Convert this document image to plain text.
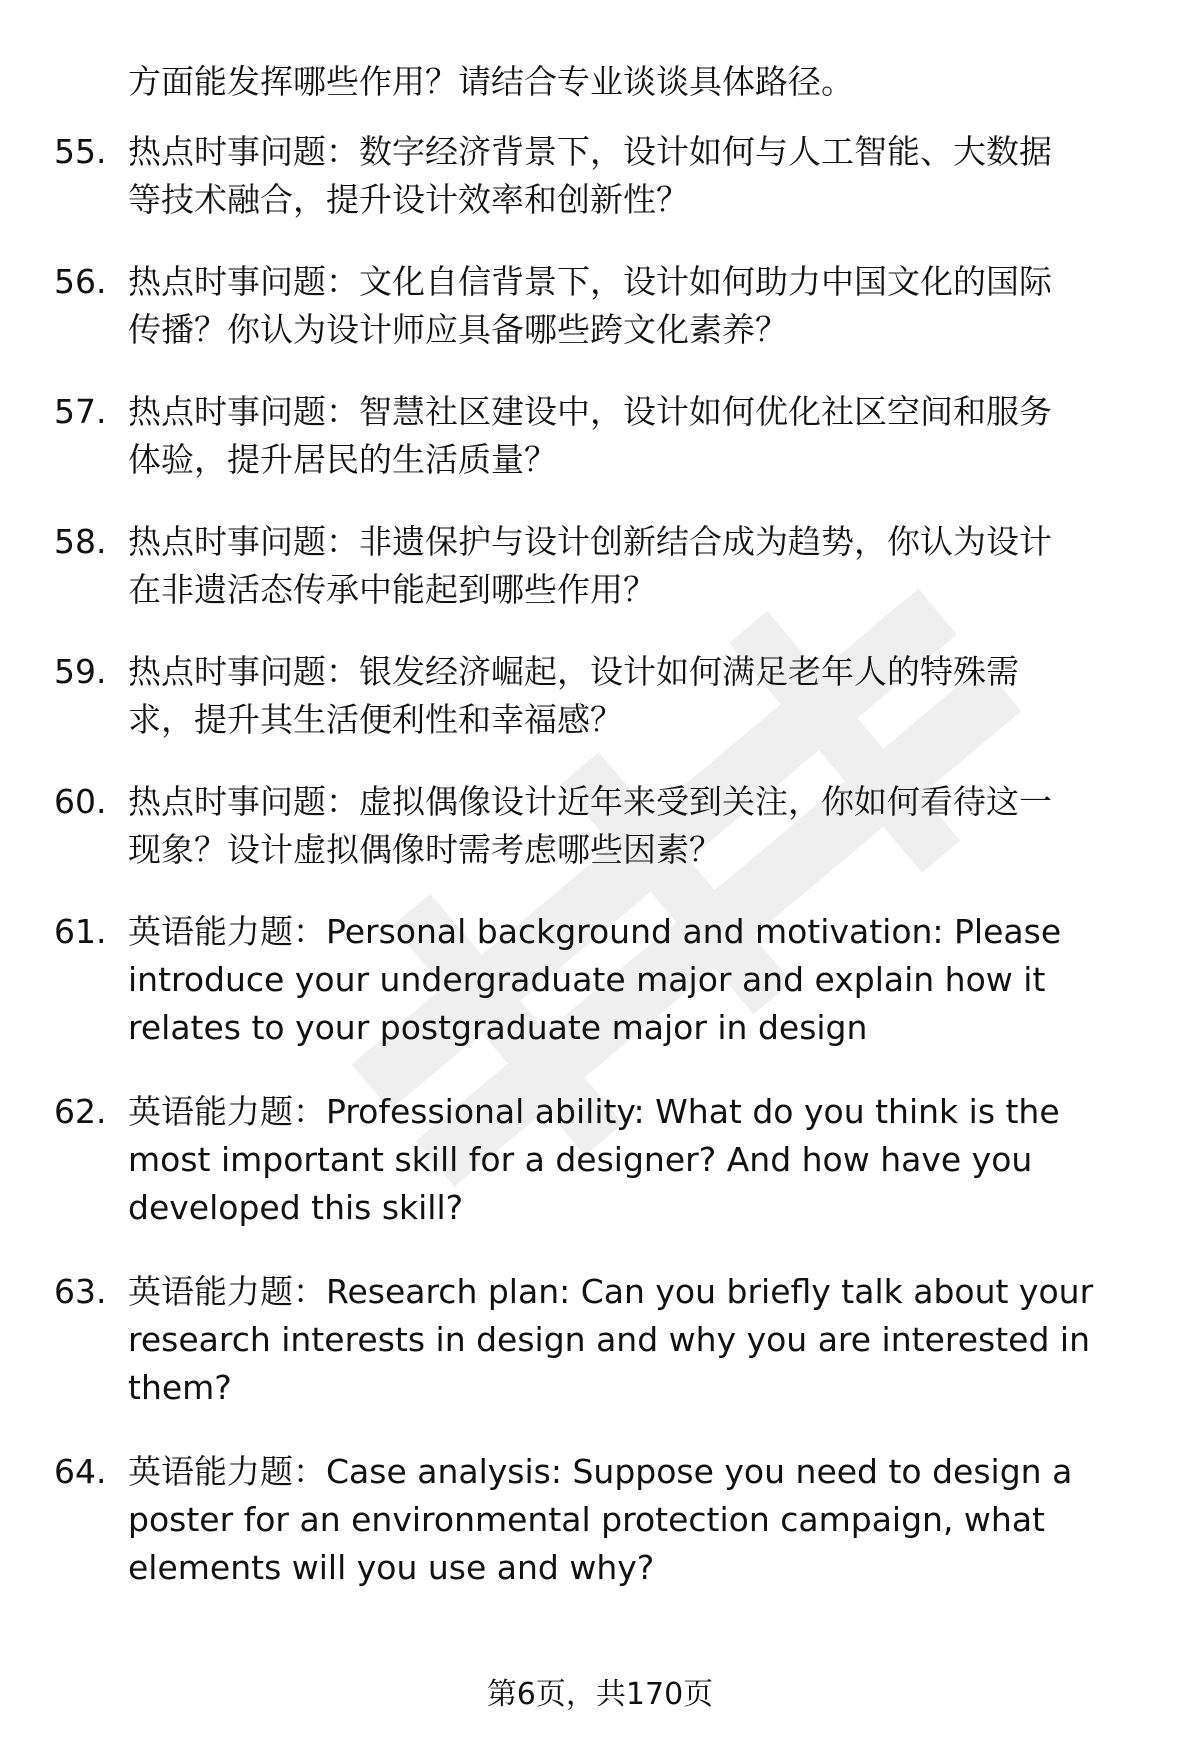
方面能发挥哪些作用？请结合专业谈谈具体路径。
55. 热点时事问题：数字经济背景下，设计如何与人工智能、大数据
等技术融合，提升设计效率和创新性？
56. 热点时事问题：文化自信背景下，设计如何助力中国文化的国际
传播？你认为设计师应具备哪些跨文化素养？
57. 热点时事问题：智慧社区建设中，设计如何优化社区空间和服务
体验，提升居民的生活质量？
58. 热点时事问题：非遗保护与设计创新结合成为趋势，你认为设计
在非遗活态传承中能起到哪些作用？
59. 热点时事问题：银发经济崛起，设计如何满足老年人的特殊需
求，提升其生活便利性和幸福感？
60. 热点时事问题：虚拟偶像设计近年来受到关注，你如何看待这一
现象？设计虚拟偶像时需考虑哪些因素？
61. 英语能力题：Personal background and motivation: Please
introduce your undergraduate major and explain how it
relates to your postgraduate major in design
62. 英语能力题：Professional ability: What do you think is the
most important skill for a designer? And how have you
developed this skill?
63. 英语能力题：Research plan: Can you briefly talk about your
research interests in design and why you are interested in
them?
64. 英语能力题：Case analysis: Suppose you need to design a
poster for an environmental protection campaign, what
elements will you use and why?
第6页，共170页
